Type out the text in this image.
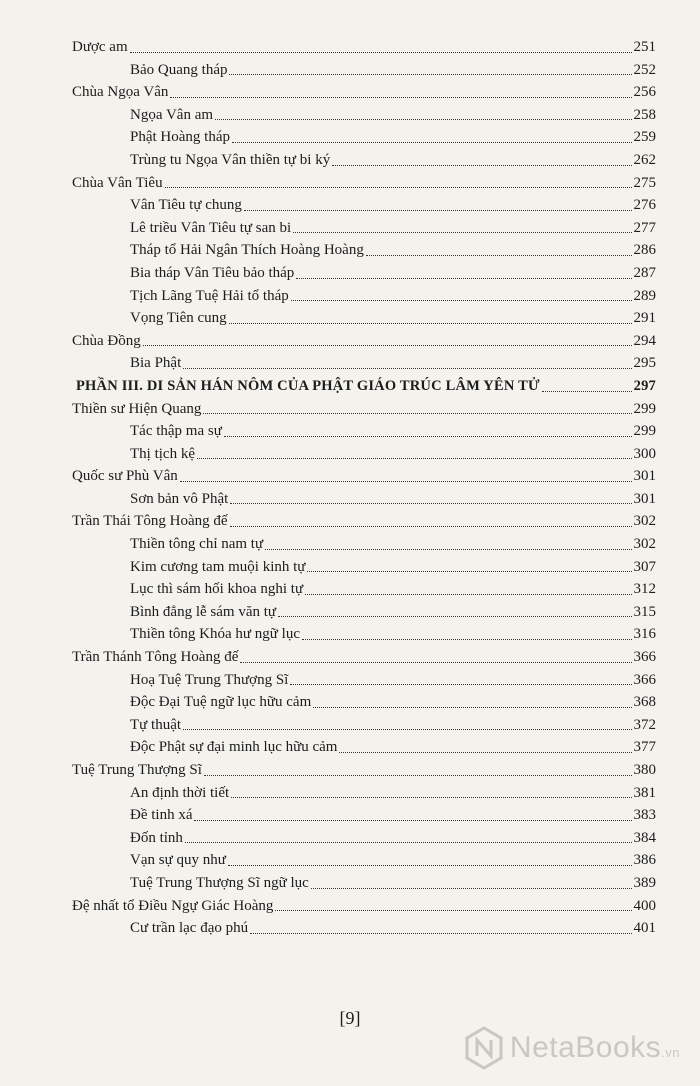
Dược am	251
Bảo Quang tháp	252
Chùa Ngọa Vân	256
Ngọa Vân am	258
Phật Hoàng tháp	259
Trùng tu Ngọa Vân thiền tự bi ký	262
Chùa Vân Tiêu	275
Vân Tiêu tự chung	276
Lê triều Vân Tiêu tự san bi	277
Tháp tổ Hải Ngân Thích Hoàng Hoàng	286
Bia tháp Vân Tiêu bảo tháp	287
Tịch Lãng Tuệ Hải tổ tháp	289
Vọng Tiên cung	291
Chùa Đồng	294
Bia Phật	295
PHẦN III. DI SẢN HÁN NÔM CỦA PHẬT GIÁO TRÚC LÂM YÊN TỬ	297
Thiền sư Hiện Quang	299
Tác thập ma sự	299
Thị tịch kệ	300
Quốc sư Phù Vân	301
Sơn bản vô Phật	301
Trần Thái Tông Hoàng đế	302
Thiền tông chỉ nam tự	302
Kim cương tam muội kinh tự	307
Lục thì sám hối khoa nghi tự	312
Bình đẳng lễ sám văn tự	315
Thiền tông Khóa hư ngữ lục	316
Trần Thánh Tông Hoàng đế	366
Hoạ Tuệ Trung Thượng Sĩ	366
Độc Đại Tuệ ngữ lục hữu cảm	368
Tự thuật	372
Độc Phật sự đại minh lục hữu cảm	377
Tuệ Trung Thượng Sĩ	380
An định thời tiết	381
Đề tinh xá	383
Đốn tỉnh	384
Vạn sự quy như	386
Tuệ Trung Thượng Sĩ ngữ lục	389
Đệ nhất tổ Điều Ngự Giác Hoàng	400
Cư trần lạc đạo phú	401
[9]
NetaBooks.vn
